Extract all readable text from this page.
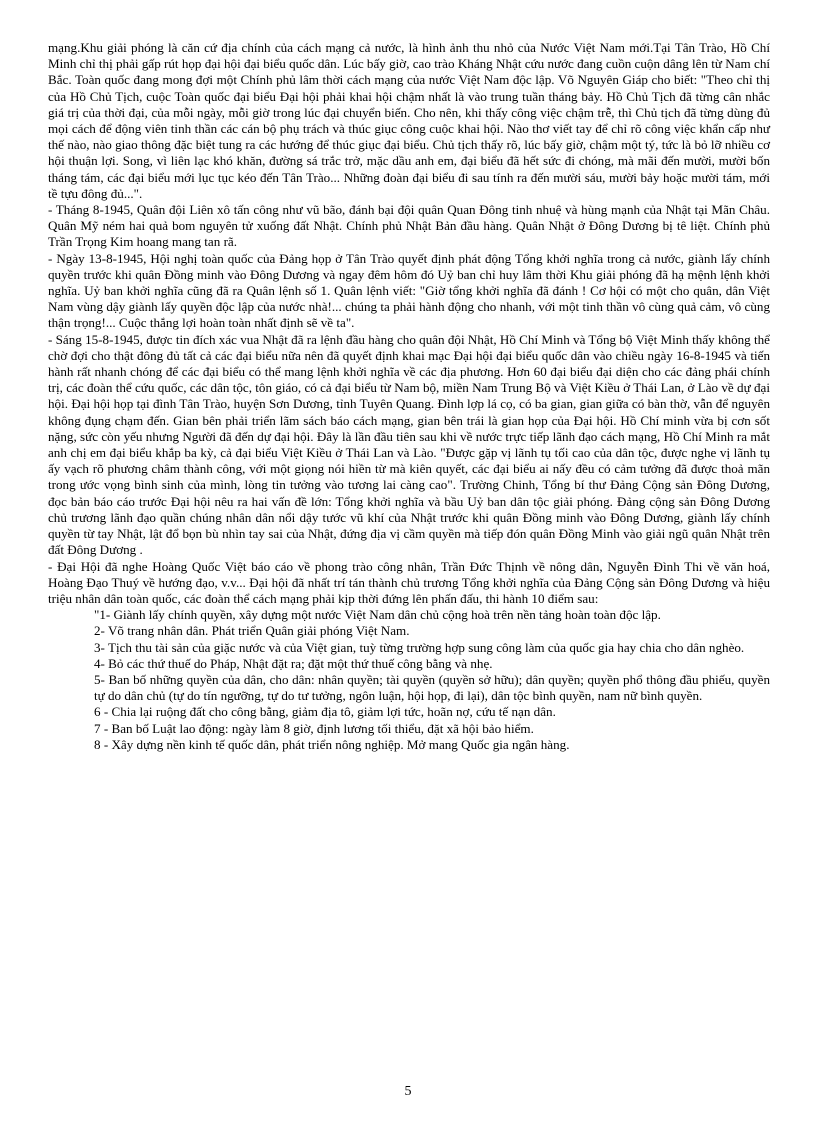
mạng.Khu giải phóng là căn cứ địa chính của cách mạng cả nước, là hình ảnh thu nhỏ của Nước Việt Nam mới.Tại Tân Trào, Hồ Chí Minh chỉ thị phải gấp rút họp đại hội đại biểu quốc dân. Lúc bấy giờ, cao trào Kháng Nhật cứu nước đang cuồn cuộn dâng lên từ Nam chí Bắc. Toàn quốc đang mong đợi một Chính phủ lâm thời cách mạng của nước Việt Nam độc lập. Võ Nguyên Giáp cho biết: "Theo chỉ thị của Hồ Chủ Tịch, cuộc Toàn quốc đại biểu Đại hội phải khai hội chậm nhất là vào trung tuần tháng bảy. Hồ Chủ Tịch đã từng cân nhắc giá trị của thời đại, của mỗi ngày, mỗi giờ trong lúc đại chuyển biến. Cho nên, khi thấy công việc chậm trễ, thì Chủ tịch đã từng dùng đủ mọi cách để động viên tinh thần các cán bộ phụ trách và thúc giục công cuộc khai hội. Nào thơ viết tay để chỉ rõ công việc khẩn cấp như thế nào, nào giao thông đặc biệt tung ra các hướng để thúc giục đại biểu. Chủ tịch thấy rõ, lúc bấy giờ, chậm một tý, tức là bỏ lỡ nhiều cơ hội thuận lợi. Song, vì liên lạc khó khăn, đường sá trắc trở, mặc dầu anh em, đại biểu đã hết sức đi chóng, mà mãi đến mười, mười bốn tháng tám, các đại biểu mới lục tục kéo đến Tân Trào... Những đoàn đại biểu đi sau tính ra đến mười sáu, mười bảy hoặc mười tám, mới tề tựu đông đủ...".

- Tháng 8-1945, Quân đội Liên xô tấn công như vũ bão, đánh bại đội quân Quan Đông tinh nhuệ và hùng mạnh của Nhật tại Mãn Châu. Quân Mỹ ném hai quả bom nguyên tử xuống đất Nhật. Chính phủ Nhật Bản đầu hàng. Quân Nhật ở Đông Dương bị tê liệt. Chính phủ Trần Trọng Kim hoang mang tan rã.

- Ngày 13-8-1945, Hội nghị toàn quốc của Đảng họp ở Tân Trào quyết định phát động Tổng khởi nghĩa trong cả nước, giành lấy chính quyền trước khi quân Đồng minh vào Đông Dương và ngay đêm hôm đó Uỷ ban chỉ huy lâm thời Khu giải phóng đã hạ mệnh lệnh khởi nghĩa. Uỷ ban khởi nghĩa cũng đã ra Quân lệnh số 1. Quân lệnh viết: "Giờ tổng khởi nghĩa đã đánh ! Cơ hội có một cho quân, dân Việt Nam vùng dậy giành lấy quyền độc lập của nước nhà!... chúng ta phải hành động cho nhanh, với một tinh thần vô cùng quả cảm, vô cùng thận trọng!... Cuộc thắng lợi hoàn toàn nhất định sẽ về ta".

- Sáng 15-8-1945, được tin đích xác vua Nhật đã ra lệnh đầu hàng cho quân đội Nhật, Hồ Chí Minh và Tổng bộ Việt Minh thấy không thể chờ đợi cho thật đông đủ tất cả các đại biểu nữa nên đã quyết định khai mạc Đại hội đại biểu quốc dân vào chiều ngày 16-8-1945 và tiến hành rất nhanh chóng để các đại biểu có thể mang lệnh khởi nghĩa về các địa phương. Hơn 60 đại biểu đại diện cho các đảng phái chính trị, các đoàn thể cứu quốc, các dân tộc, tôn giáo, có cả đại biểu từ Nam bộ, miền Nam Trung Bộ và Việt Kiều ở Thái Lan, ở Lào về dự đại hội. Đại hội họp tại đình Tân Trào, huyện Sơn Dương, tỉnh Tuyên Quang. Đình lợp lá cọ, có ba gian, gian giữa có bàn thờ, vẫn để nguyên không đụng chạm đến. Gian bên phải triển lãm sách báo cách mạng, gian bên trái là gian họp của Đại hội. Hồ Chí minh vừa bị cơn sốt nặng, sức còn yếu nhưng Người đã đến dự đại hội. Đây là lần đầu tiên sau khi về nước trực tiếp lãnh đạo cách mạng, Hồ Chí Minh ra mắt anh chị em đại biểu khắp ba kỳ, cả đại biểu Việt Kiều ở Thái Lan và Lào. "Được gặp vị lãnh tụ tối cao của dân tộc, được nghe vị lãnh tụ ấy vạch rõ phương châm thành công, với một giọng nói hiền từ mà kiên quyết, các đại biểu ai nấy đều có cảm tưởng đã được thoả mãn trong ước vọng bình sinh của mình, lòng tin tưởng vào tương lai càng cao". Trường Chinh, Tổng bí thư Đảng Cộng sản Đông Dương, đọc bản báo cáo trước Đại hội nêu ra hai vấn đề lớn: Tổng khởi nghĩa và bầu Uỷ ban dân tộc giải phóng. Đảng cộng sản Đông Dương chủ trương lãnh đạo quần chúng nhân dân nổi dậy tước vũ khí của Nhật trước khi quân Đồng minh vào Đông Dương, giành lấy chính quyền từ tay Nhật, lật đổ bọn bù nhìn tay sai của Nhật, đứng địa vị cầm quyền mà tiếp đón quân Đồng Minh vào giải ngũ quân Nhật trên đất Đông Dương .

- Đại Hội đã nghe Hoàng Quốc Việt báo cáo về phong trào công nhân, Trần Đức Thịnh về nông dân, Nguyễn Đình Thi về văn hoá, Hoàng Đạo Thuý về hướng đạo, v.v... Đại hội đã nhất trí tán thành chủ trương Tổng khởi nghĩa của Đảng Cộng sản Đông Dương và hiệu triệu nhân dân toàn quốc, các đoàn thể cách mạng phải kịp thời đứng lên phấn đấu, thi hành 10 điểm sau:

"1- Giành lấy chính quyền, xây dựng một nước Việt Nam dân chủ cộng hoà trên nền tảng hoàn toàn độc lập.

2- Võ trang nhân dân. Phát triển Quân giải phóng Việt Nam.

3- Tịch thu tài sản của giặc nước và của Việt gian, tuỳ từng trường hợp sung công làm của quốc gia hay chia cho dân nghèo.

4- Bỏ các thứ thuế do Pháp, Nhật đặt ra; đặt một thứ thuế công bằng và nhẹ.

5- Ban bố những quyền của dân, cho dân: nhân quyền; tài quyền (quyền sở hữu); dân quyền; quyền phổ thông đầu phiếu, quyền tự do dân chủ (tự do tín ngưỡng, tự do tư tưởng, ngôn luận, hội họp, đi lại), dân tộc bình quyền, nam nữ bình quyền.

6 - Chia lại ruộng đất cho công bằng, giảm địa tô, giảm lợi tức, hoãn nợ, cứu tế nạn dân.

7 - Ban bố Luật lao động: ngày làm 8 giờ, định lương tối thiểu, đặt xã hội bảo hiểm.

8 - Xây dựng nền kinh tế quốc dân, phát triển nông nghiệp. Mở mang Quốc gia ngân hàng.

5
